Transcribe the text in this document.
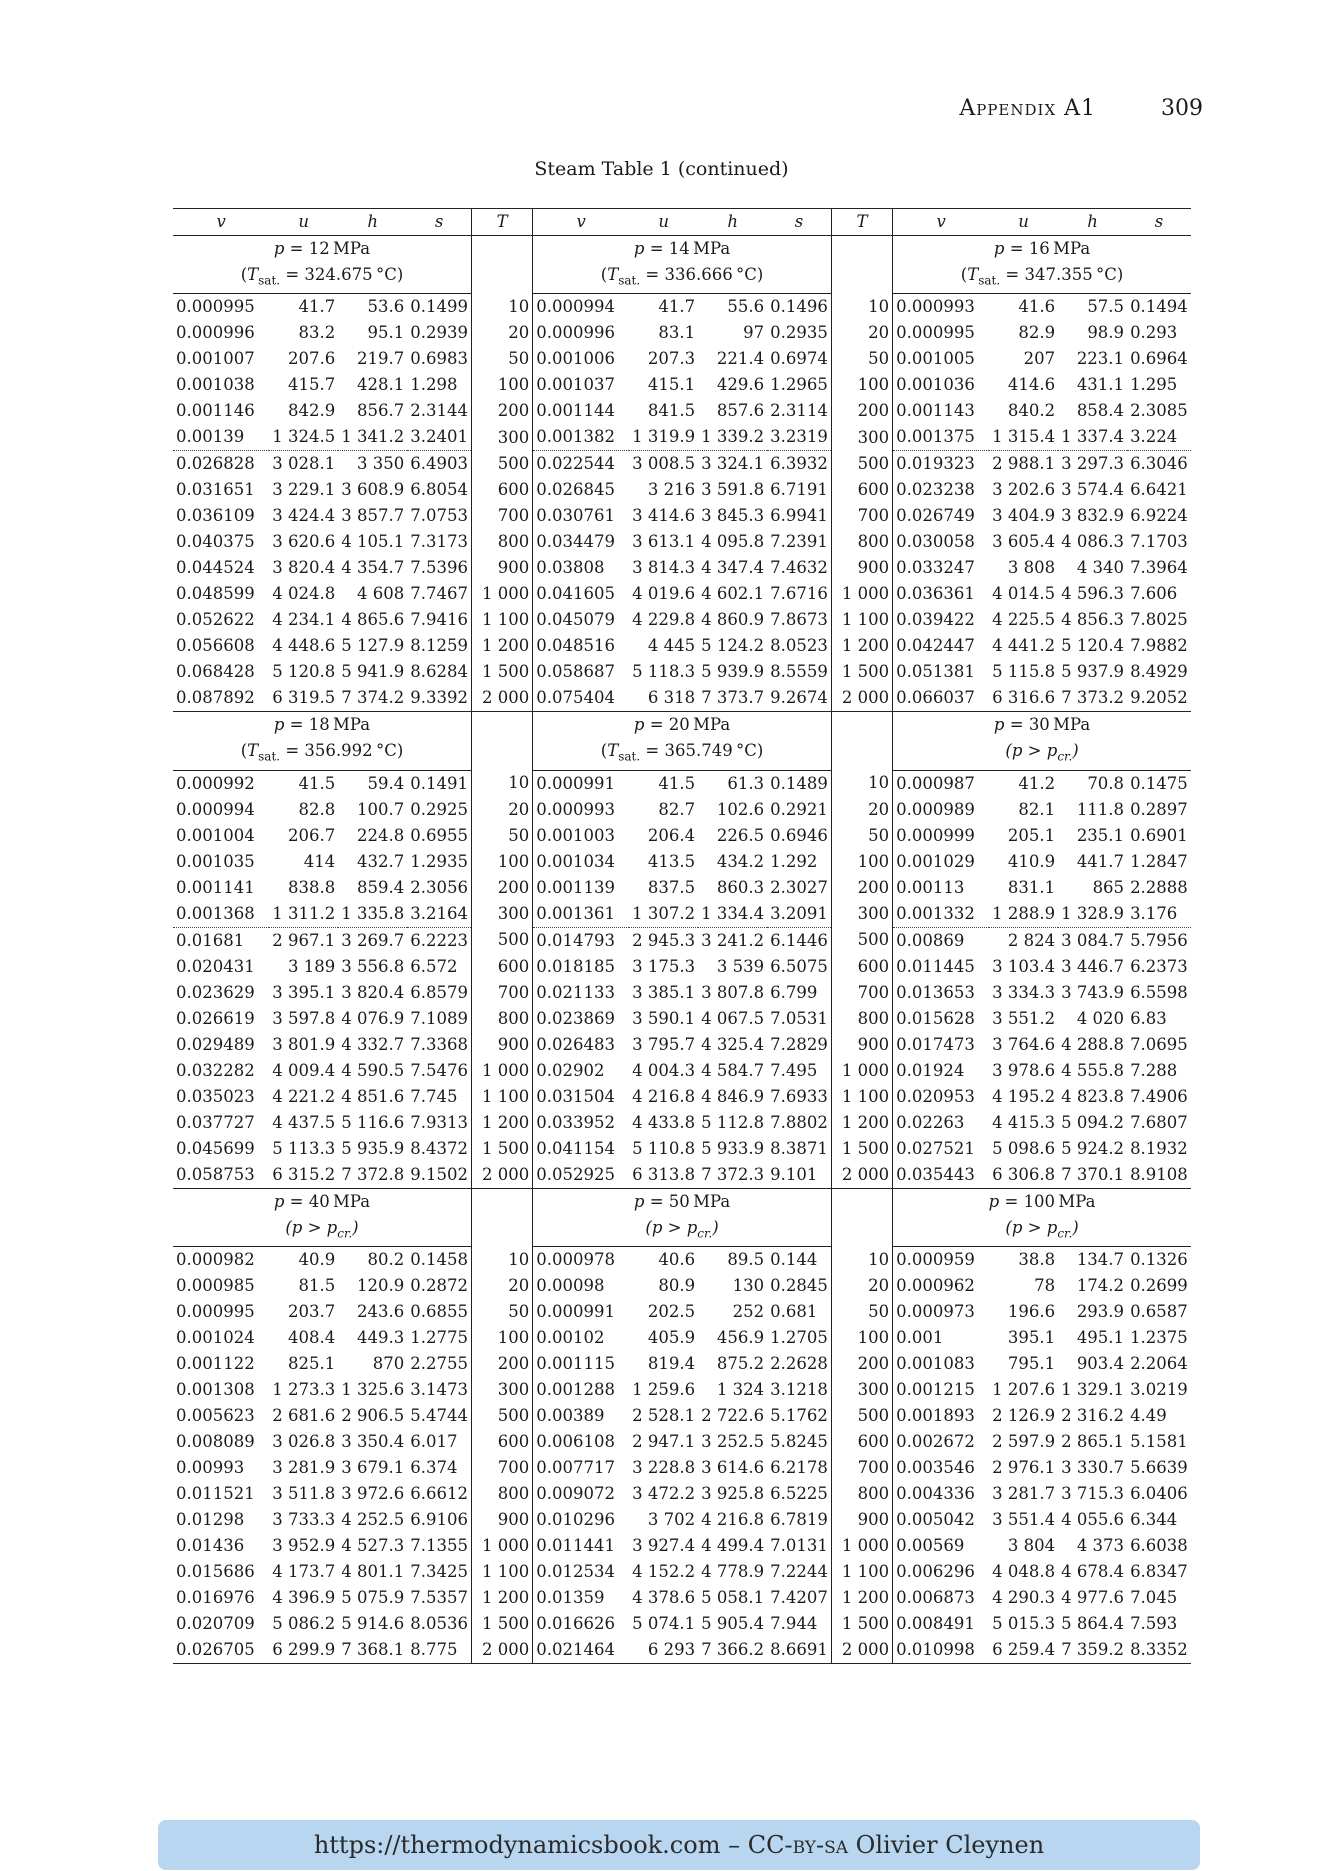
Appendix A1	309
Steam Table 1 (continued)
v	u	h	s	T	v	u	h	s	T	v	u	h	s
p = 12 MPa					p = 14 MPa					p = 16 MPa			
($T_{sat.} = 324.675$ °C)					($T_{sat.} = 336.666$ °C)					($T_{sat.} = 347.355$ °C)			
0.000995	41.7	53.6	0.1499	10	0.000994	41.7	55.6	0.1496	10	0.000993	41.6	57.5	0.1494
0.000996	83.2	95.1	0.2939	20	0.000996	83.1	97	0.2935	20	0.000995	82.9	98.9	0.293
0.001007	207.6	219.7	0.6983	50	0.001006	207.3	221.4	0.6974	50	0.001005	207	223.1	0.6964
0.001038	415.7	428.1	1.298	100	0.001037	415.1	429.6	1.2965	100	0.001036	414.6	431.1	1.295
0.001146	842.9	856.7	2.3144	200	0.001144	841.5	857.6	2.3114	200	0.001143	840.2	858.4	2.3085
0.00139	1 324.5	1 341.2	3.2401	300	0.001382	1 319.9	1 339.2	3.2319	300	0.001375	1 315.4	1 337.4	3.224
0.026828	3 028.1	3 350	6.4903	500	0.022544	3 008.5	3 324.1	6.3932	500	0.019323	2 988.1	3 297.3	6.3046
0.031651	3 229.1	3 608.9	6.8054	600	0.026845	3 216	3 591.8	6.7191	600	0.023238	3 202.6	3 574.4	6.6421
0.036109	3 424.4	3 857.7	7.0753	700	0.030761	3 414.6	3 845.3	6.9941	700	0.026749	3 404.9	3 832.9	6.9224
0.040375	3 620.6	4 105.1	7.3173	800	0.034479	3 613.1	4 095.8	7.2391	800	0.030058	3 605.4	4 086.3	7.1703
0.044524	3 820.4	4 354.7	7.5396	900	0.03808	3 814.3	4 347.4	7.4632	900	0.033247	3 808	4 340	7.3964
0.048599	4 024.8	4 608	7.7467	1 000	0.041605	4 019.6	4 602.1	7.6716	1 000	0.036361	4 014.5	4 596.3	7.606
0.052622	4 234.1	4 865.6	7.9416	1 100	0.045079	4 229.8	4 860.9	7.8673	1 100	0.039422	4 225.5	4 856.3	7.8025
0.056608	4 448.6	5 127.9	8.1259	1 200	0.048516	4 445	5 124.2	8.0523	1 200	0.042447	4 441.2	5 120.4	7.9882
0.068428	5 120.8	5 941.9	8.6284	1 500	0.058687	5 118.3	5 939.9	8.5559	1 500	0.051381	5 115.8	5 937.9	8.4929
0.087892	6 319.5	7 374.2	9.3392	2 000	0.075404	6 318	7 373.7	9.2674	2 000	0.066037	6 316.6	7 373.2	9.2052
p = 18 MPa					p = 20 MPa					p = 30 MPa			
($T_{sat.} = 356.992$ °C)					($T_{sat.} = 365.749$ °C)					$(p > p_{cr.})$			
0.000992	41.5	59.4	0.1491	10	0.000991	41.5	61.3	0.1489	10	0.000987	41.2	70.8	0.1475
0.000994	82.8	100.7	0.2925	20	0.000993	82.7	102.6	0.2921	20	0.000989	82.1	111.8	0.2897
0.001004	206.7	224.8	0.6955	50	0.001003	206.4	226.5	0.6946	50	0.000999	205.1	235.1	0.6901
0.001035	414	432.7	1.2935	100	0.001034	413.5	434.2	1.292	100	0.001029	410.9	441.7	1.2847
0.001141	838.8	859.4	2.3056	200	0.001139	837.5	860.3	2.3027	200	0.00113	831.1	865	2.2888
0.001368	1 311.2	1 335.8	3.2164	300	0.001361	1 307.2	1 334.4	3.2091	300	0.001332	1 288.9	1 328.9	3.176
0.01681	2 967.1	3 269.7	6.2223	500	0.014793	2 945.3	3 241.2	6.1446	500	0.00869	2 824	3 084.7	5.7956
0.020431	3 189	3 556.8	6.572	600	0.018185	3 175.3	3 539	6.5075	600	0.011445	3 103.4	3 446.7	6.2373
0.023629	3 395.1	3 820.4	6.8579	700	0.021133	3 385.1	3 807.8	6.799	700	0.013653	3 334.3	3 743.9	6.5598
0.026619	3 597.8	4 076.9	7.1089	800	0.023869	3 590.1	4 067.5	7.0531	800	0.015628	3 551.2	4 020	6.83
0.029489	3 801.9	4 332.7	7.3368	900	0.026483	3 795.7	4 325.4	7.2829	900	0.017473	3 764.6	4 288.8	7.0695
0.032282	4 009.4	4 590.5	7.5476	1 000	0.02902	4 004.3	4 584.7	7.495	1 000	0.01924	3 978.6	4 555.8	7.288
0.035023	4 221.2	4 851.6	7.745	1 100	0.031504	4 216.8	4 846.9	7.6933	1 100	0.020953	4 195.2	4 823.8	7.4906
0.037727	4 437.5	5 116.6	7.9313	1 200	0.033952	4 433.8	5 112.8	7.8802	1 200	0.02263	4 415.3	5 094.2	7.6807
0.045699	5 113.3	5 935.9	8.4372	1 500	0.041154	5 110.8	5 933.9	8.3871	1 500	0.027521	5 098.6	5 924.2	8.1932
0.058753	6 315.2	7 372.8	9.1502	2 000	0.052925	6 313.8	7 372.3	9.101	2 000	0.035443	6 306.8	7 370.1	8.9108
p = 40 MPa					p = 50 MPa					p = 100 MPa			
$(p > p_{cr.})$					$(p > p_{cr.})$					$(p > p_{cr.})$			
0.000982	40.9	80.2	0.1458	10	0.000978	40.6	89.5	0.144	10	0.000959	38.8	134.7	0.1326
0.000985	81.5	120.9	0.2872	20	0.00098	80.9	130	0.2845	20	0.000962	78	174.2	0.2699
0.000995	203.7	243.6	0.6855	50	0.000991	202.5	252	0.681	50	0.000973	196.6	293.9	0.6587
0.001024	408.4	449.3	1.2775	100	0.00102	405.9	456.9	1.2705	100	0.001	395.1	495.1	1.2375
0.001122	825.1	870	2.2755	200	0.001115	819.4	875.2	2.2628	200	0.001083	795.1	903.4	2.2064
0.001308	1 273.3	1 325.6	3.1473	300	0.001288	1 259.6	1 324	3.1218	300	0.001215	1 207.6	1 329.1	3.0219
0.005623	2 681.6	2 906.5	5.4744	500	0.00389	2 528.1	2 722.6	5.1762	500	0.001893	2 126.9	2 316.2	4.49
0.008089	3 026.8	3 350.4	6.017	600	0.006108	2 947.1	3 252.5	5.8245	600	0.002672	2 597.9	2 865.1	5.1581
0.00993	3 281.9	3 679.1	6.374	700	0.007717	3 228.8	3 614.6	6.2178	700	0.003546	2 976.1	3 330.7	5.6639
0.011521	3 511.8	3 972.6	6.6612	800	0.009072	3 472.2	3 925.8	6.5225	800	0.004336	3 281.7	3 715.3	6.0406
0.01298	3 733.3	4 252.5	6.9106	900	0.010296	3 702	4 216.8	6.7819	900	0.005042	3 551.4	4 055.6	6.344
0.01436	3 952.9	4 527.3	7.1355	1 000	0.011441	3 927.4	4 499.4	7.0131	1 000	0.00569	3 804	4 373	6.6038
0.015686	4 173.7	4 801.1	7.3425	1 100	0.012534	4 152.2	4 778.9	7.2244	1 100	0.006296	4 048.8	4 678.4	6.8347
0.016976	4 396.9	5 075.9	7.5357	1 200	0.01359	4 378.6	5 058.1	7.4207	1 200	0.006873	4 290.3	4 977.6	7.045
0.020709	5 086.2	5 914.6	8.0536	1 500	0.016626	5 074.1	5 905.4	7.944	1 500	0.008491	5 015.3	5 864.4	7.593
0.026705	6 299.9	7 368.1	8.775	2 000	0.021464	6 293	7 366.2	8.6691	2 000	0.010998	6 259.4	7 359.2	8.3352
https://thermodynamicsbook.com – CC-by-sa Olivier Cleynen
